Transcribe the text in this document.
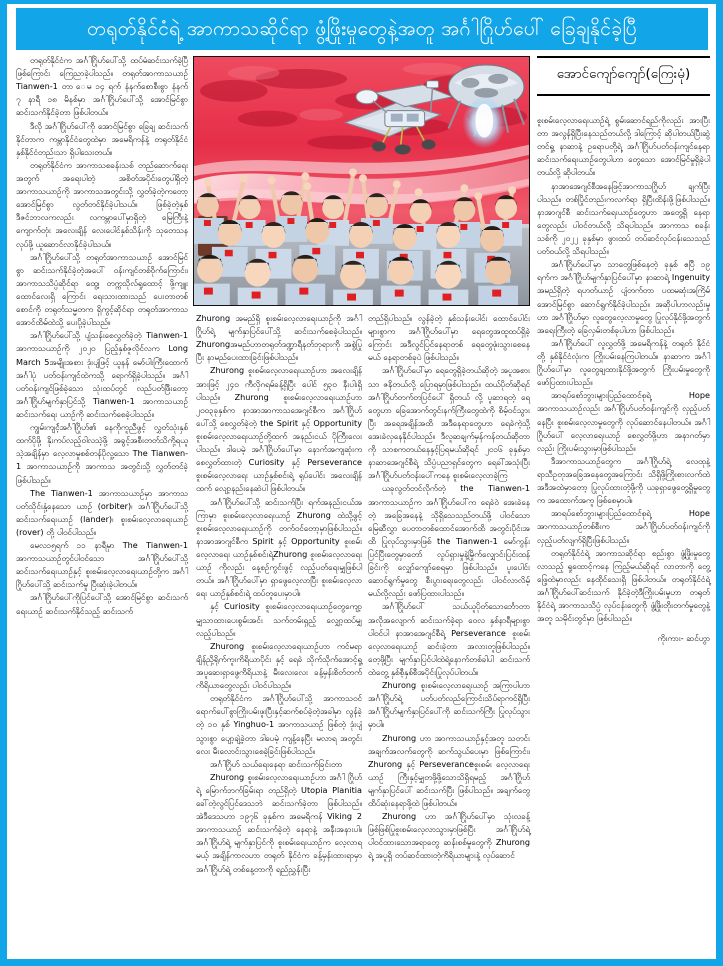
တရုတ်နိုင်ငံရဲ့ အာကာသဆိုင်ရာ ဖွံ့ဖြိုးမှုတွေနဲ့အတူ အင်္ဂါဂြိုဟ်ပေါ် ခြေချနိုင်ခဲ့ပြီ
အောင်ကျော်ကျော်(ကြေးမုံ)

တရုတ်နိုင်ငံက အင်္ဂါဂြိုဟ်ပေါ်သို့ ထပ်မံဆင်းသက်ခဲ့ပြီ ဖြစ်ကြောင်း ကြေညာခဲ့ပါသည်။ တရုတ်အာကာသယာဉ် Tianwen-1 တာ ေမ ၁၄ ရက် နံနက်စောစီးစွာ နံနက် ၇ နာရီ ၁၈ မိနစ်မှာ အင်္ဂါဂြိုဟ်ပေါ်သို့ အောင်မြင်စွာ ဆင်းသက်နိုင်ခဲ့တာ ဖြစ်ပါတယ်။

ဒီလို အင်္ဂါဂြိုဟ်ပေါ်ကို အောင်မြင်စွာ ခြေချ ဆင်းသက်နိုင်တာက ကမ္ဘာနိုင်ငံတွေထဲမှာ အမေရိကန်နဲ့ တရုတ်နိုင်ငံ နှစ်နိုင်ငံတည်းသာ ရှိပါသေးတယ်။

တရုတ်နိုင်ငံက အာကာသစခန်းသစ် တည်ဆောက်ရေးအတွက် အရေးပါတဲ့ အစိတ်အပိုင်းတွေပါရှိတဲ့ အာကာသယာဉ်ကို အာကာသအတွင်းသို့ လွှတ်ခဲ့တဲ့ကတော့ အောင်မြင်စွာ လွတ်တင်နိုင်ခဲ့ပါသယ်။ ဖြစ်ခဲ့တဲ့နှစ် ဒီဇင်ဘာလကလည်း လကမ္ဘာပေါ်မှာရှိတဲ့ မြေကြီးနဲ့ ကျောက်တုံး အလေးချိန် လေးပေါင်နှစ်သိန်းကို သုတေသနလုပ်ဖို့ ယူဆောင်လာနိုင်ခဲ့ပါသယ်။

အင်္ဂါဂြိုဟ်ပေါ်သို့ တရုတ်အာကာသယာဉ် အောင်မြင်စွာ ဆင်းသက်နိုင်ခဲ့တဲ့အပေါ် ဝန်းကျင်တစ်ဝိုက်ကြောင်း၊ အာကာသသိပ္ပံဆိုင်ရာ ထွေ့၊ တက္ကသိုလ်ရှုထောင့် ဖို့ကျူးထောင်လေးရှိ ကြောင်း ရေးသားထားသည် ပေးတာတစ်စောင်ကို တရုတ်သမ္မတက ရှိကွင့်ဆိုင်ရာ တရုတ်အာကာသ အောင်ထိမ်ထဲသို့ ပေးပို့ခဲ့ပါသည်။

အင်္ဂါဂြိုဟ်ပေါ်သို့ ပျံသန်းစေလွှတ်ခဲ့တဲ့ Tianwen-1 အာကာသယာဉ်ကို ၂၀၂၀ ပြည့်နှစ်ဇူလိုင်လက Long March 5အမျိုးအစား ဒုံးပျံဖြင့် ယူနန် မော်ပါးကြီးထောက်အင်္ဂါပုံ ပတ်ဝန်းကျင်ထဲကသို့ ရောက်ရှိခဲ့ပါသည်။ အင်္ဂါပတ်ဝန်းကျင်ဖြစ်ခဲ့သော သုံးထပ်တွင် လည်ပတ်ဖြီးတော့ အင်္ဂါဂြိုဟ်မျက်နှာပြင်သို့ Tianwen-1 အာကာသယာဉ် ဆင်းသက်ရေး ယာဉ်ကို ဆင်းသက်စေခဲ့ပါသည်။

ကျွမ်းကျင်ဲ့အင်္ဂါဂြိုဟ်၏ နေကိုကူညီဖွင့် လွှတ်သုံးနှစ်ထက်ပိုဖို့ နိုးကပ်လည့်ဝါလသဲ့ဖို့ အခွင့်အစီးတတ်သိကို့ရယူသဲ့အချိန်မှာ လေ့လာမှုစစ်တန်ပိုလှု့သော The Tianwen-1 အာကာသယာဉ်ကို အာကာသ အတွင်းသို့ လွှတ်တင်ခဲ့ဖြစ်ပါသည်။

The Tianwen-1 အာကာသယာဉ်မှာ အာကာသ ပတ်သိုင်းနှံ့နေသော ယာဉ် (orbiter)၊ အင်္ဂါဂြိုဟ်ပေါ်သို့ ဆင်းသက်ရေးယာဉ် (lander)၊ စူးစမ်းလေ့လာရေးယာဉ် (rover) တို့ ပါဝင်ပါသည်။

မေလ၁၅ရက် ၁၁ နာရီမှာ The Tianwen-1 အာကာသယာဉ်တွင်ပါဝင်သော အင်္ဂါဂြိုဟ်ပေါ်သို့ ဆင်းသက်ရေးယာဉ်နှင့် စူးစမ်းလေ့လာရေးယာဉ်တို့က အင်္ဂါဂြိုဟ်ပေါ်သို့ ဆင်းသက်မှု ပြီးဆုံးခဲ့ပါတယ်။

အင်္ဂါဂြိုဟ်ပေါ်ကိုပြင်ပေါ်သို့ အောင်မြင်စွာ ဆင်းသက်ရေးယာဉ် ဆင်းသက်နိုင်သည့် ဆင်းသက်

Zhurong အမည်ရှိ စူးစမ်းလေ့လာရေးယာဉ်ကို အင်္ဂါဂြိုဟ်ရဲ့ မျက်နှာပြင်ပေါ်သို့ ဆင်းသက်စေခဲ့ပါသည်။ Zhurongအမည်ဟာတရုတ်ဒဏ္ဍာရီနတ်ဘုရားကို အစွဲပြုပြီး နာမည်ပေးထားခြင်းဖြစ်ပါသည်။

Zhurong စူးစမ်းလေ့လာရေးယာဉ်ဟာ အလေးချိန်အားဖြင့် ၂၄၀ ကီလိုဂရမ်ခန့်ရှိပြီး ပေါင် ၅၃၀ နီးပါးရှိပါသည်။ Zhurong စူးစမ်းလေ့လာရေးယာဉ်ဟာ ၂၀၀၃ခုနှစ်က နာအာအာကာသအေဂျင်စီက အင်္ဂါဂြိုဟ်ပေါ်သို့ စေလွှတ်ခဲ့တဲ့ the Spirit နှင့် Opportunity စူးစမ်းလေ့လာရေးယာဉ်တို့ထက် အနည်းငယ် ပိုကြီးလေးပါသည်။ ဒါပေမဲ့ အင်္ဂါဂြိုဟ်ပေါ်မှာ နောက်အကျဆုံးက စေလွှတ်ထားတဲ့ Curiosity နှင့် Perseverance စူးစမ်းလေ့လာရေး ယာဉ်နှစ်စင်းရဲ့ ရုပ်ပေါင်း အလေးချိန်ထက် လျော့နည်းနေဆဲပါ ဖြစ်ပါတယ်။

အင်္ဂါဂြိုဟ်ပေါ်သို့ ဆင်းသက်ပြီး ရက်အနည်းငယ်အကြာမှာ စူးစမ်းလေ့လာရေးယာဉ် Zhurong ထဲသို့ဖွင့်စူးစမ်းလေ့လာရေးယာဉ်ကို တက်ဝင်တော့မှာဖြစ်ပါသည်။ နာအာအာဂျင်စီက Spirit နှင့် Opportunity စူးစမ်းလေ့လာရေး ယာဉ်နှစ်စင်းရဲ့Zhurong စူးစမ်းလေ့လာရေးယာဉ် ကိုလည်း နေ့စဉ်ကွင်းဖွင့် လည့်ပတ်ရေးမျှဖြစ်ပါတယ်။ အင်္ဂါဂြိုဟ်ပေါ်မှာ ရှာဖွေလေ့လာပြီး စူးစမ်းလေ့လာရေး ယာဉ်နှစ်စင်းရဲ့ ထပ်တူပေးမှာပါ။

နှင့် Curiosity စူးစမ်းလေ့လာရေးယာဉ်တွေကျော့ မျှသာထားပေးစွမ်းအင်း သက်တမ်းရှည့် လျှော့ထပ်မျှလည့်ပါသည်။

Zhurong စူးစမ်းလေ့လာရေးယာဉ်ဟာ ကင်မရာ ချိန်ညှိ့ရိုက်ကူးကိရိယာပိုင်း နှင့် ရေခဲ သိုက်သိုက်အောင့်ရှု့အပူဆေးရှာဖွေကိရိယာနဲ့ မီးလေးလေး ခန့်မှန်းစိတ်တက်ကိရိယာတွေလည်း ပါဝင်ပါသည်။

တရုတ်နိုင်ငံက အင်္ဂါဂြိုဟ်ပေါ်သို့ အာကာသဝင်ရောက်ပေါ်စွာကြိုးပမ်းဖူးပြီးနှင့်ဆက်စပ်ခဲ့တဲ့အခါမှာ လွန်ခဲ့တဲ့ ၁၀ နှစ် Yinghuo-1 အာကာသယာဉ် ဖြစ်တဲ့ ဒုံးပျံသွားစွာ ပျော့ချဲ့ခဲ့တာ ဒါပေမဲ့ ကျန့်နေပြီး မလာရ အတွင်းလေး မီးလောင်းသွားစေခဲ့ခြင်းဖြစ်ပါသည်။

အင်္ဂါဂြိုဟ် သယ်ရေးနေရာ ဆင်းသက်ခြင်းတာ

Zhurong စူးစမ်းလေ့လာရေးယာဉ်ဟာ အင်္ဂါ ဂြိုဟ်ရဲ့ မြောက်ဘက်ခြမ်းရာ တည်ရှိတဲ့ Utopia Planitia ခေါ်တဲ့လွင်ပြင်ဒေသဘဲ ဆင်းသက်ခဲ့တာ ဖြစ်ပါသည်။ အဲဒီဒေသဟာ ၁၉၇၆ ခုနှစ်က အမေရိကန် Viking 2 အာကာသယာဉ် ဆင်းသက်ခဲ့တဲ့ နေရာနဲ့ အနီးအနားပါ။ အင်္ဂါဂြိုဟ်ရဲ့ မျက်နှာပြင်ကို စူးစမ်းရေးယာဉ်က လေ့လာရမယ့် အချိန်ကာလဟာ တရုတ် နိုင်ငံက ခန့်မှန်းထားရာမှာ အင်္ဂါဂြိုဟ်ရဲ့ တစ်နေ့တာကို ရည်ညွှန်းပြီး

တည်ရှိပါသည်။ လွန်ခဲ့တဲ့ နှစ်သန်းပေါင်း ထောင်ပေါင်းများစွာက အင်္ဂါဂြိုဟ်ပေါ်မှာ ရေတွေအထူထပ်ရှိခဲ့ကြောင်း အဒီလွင်ပြင်နေရာတစ် ရေတွေဖုံးသွားစေနေမယ် နေရာတစ်ခုပဲ ဖြစ်ပါသည်။

အင်္ဂါဂြိုဟ်ပေါ်မှာ ရေတွေရှိခဲ့တယ်ဆိုတဲ့ အပူအစားသာ ဇနိတယ်လို့ ပြောရမှာဖြစ်ပါသည်။ ထယ်ပိုတ်ဆိုရင်အင်္ဂါဂြိုဟ်တက်တပြင်ပေါ် ရှိတယ် လို့ ပူဆာရတဲ့ ရေတွေဟာ ခြေအောက်တွင်းနက်ကြီးတွေထဲကို စိမ့်ဝင်သွားပြီး အရေအချိန်အထိ အဒီနေရာတွေဟာ ရေခဲကဲ့သို့ အေးခဲလှနေနိုင်ပါသည်။ ဒီလူဆချက်မှန်ကန်တယ်ဆိုတာကို သာစကတယ်နေနှင့်ပြရမယ်ဆိုရင် ၂၀၁၆ ခုနှစ်မှာ နာဆာအေဂျင်စီရဲ့ သိပ္ပံပညာရှင်တွေက ရေခါ်အသုံးပြီး အင်္ဂါဂြိုဟ်ပတ်ဝန်းပေါ်ကနေ စူးစမ်းလေ့လာခဲ့ကြ

ယခုလွတ်တင်လိုက်တဲ့ the Tianwen-1 အာကာသယာဉ်က အင်္ဂါဂြိုဟ်ပေါ်က ရေခဲဝဲ အေးခဲနေတဲ့ အခြေအနေနဲ့ သိုရှိသေသည်တယ်ဖို့ ပါဝင်သော မြေဆီလွှာ ပေတာတစ်ထောင်အောက်ထိ အတွင်းပိုင်းအ ထိ ပြုလုပ်သွားမှာဖြစ် the Tianwen-1 မော်ကွန်း ပြင်ပြီးတွေမှာတော် လှုပ်ရှားမှုနဲ့မြိုက်လျှောင်းပြင်းထန်ခြင်းကို လျှော်ကျော်စေရမှာ ဖြစ်ပါသည်။ ပူးပေါင်း ဆောင်ရွက်မှုတွေ စီးပွားရေးတွေလည်း ပါဝင်လာလိမ့်မယ်လို့လည်း ဖော်ပြထားပါသည်။

အင်္ဂါဂြိုဟ်ပေါ် သယ်ယူပိုတ်သောင်္ဘောတာ အလိုအလျောက် ဆင်းသက်ခဲ့ရာ ဝေလ နှစ်နာရီများစွာ ပါဝင်ပါ နာအာအေဂျင်စီရဲ့ Perseverance စူးစမ်းလေ့လာရေးယာဉ် ဆင်းခဲ့တာ အလားတူဖြစ်ပါသည်။ တေ့ဖို့ပြီး မျက်နှာပြင်ပါထဲရဲ့နောက်တစ်ခါပါ ဆင်းသက် ထဲတွေ့ နှစ်စီ့နှစ်စီအပိုင်းပြုလုပ်ပါတယ်။

Zhurong စူးစမ်းလေ့လာရေးယာဉ် အကြာပါဟာ အင်္ဂါဂြိုဟ်ရဲ့ ပတ်ပတ်လည်ကြောင်းသိပ်ရာကင်ရှိပြီး အင်္ဂါဂြိုဟ်မျက်နှာပြင်ပေါ်ကို ဆင်းသက်ကြီး ပြုလုပ်သွားမှာပါ။

Zhurong ဟာ အာကာသယာဉ်နှင့်အတူ သတင်းအချက်အလက်တွေကို ဆက်သွယ်ပေးမှာ ဖြစ်ကြောင်း၊ Zhurong နှင့် Perseveranceစူးစမ်း လေ့လာရေးယာဉ် ကြီးနှင့်မျှတဖို့ဖို့သောသိရှိရမည့် အင်္ဂါဂြိုဟ်မျက်နှာပြင်ပေါ် ဆင်းသက်ပြီး ဖြစ်ပါသည်။ အချက်တွေ ထိပ်ဆုံးနေရာဖို့ထဲ ဖြစ်ပါတယ်။

Zhurong ဟာ အင်္ဂါဂြိုဟ်ပေါ်မှာ သုံးလခန့်ဖြစ်ဖြစ်ပြုစူးစမ်းလေ့လာသွားမှာဖြစ်ပြီး အင်္ဂါဂြိုဟ်ရဲ့ ပါဝင်ထားသောအရာတွေ ဆန်းစစ်မှုတွေကို Zhurong ရဲ့ အပူရှိ တပ်ဆင်ထားတဲ့ကိရိယာများနဲ့ လုပ်ဆောင်

စူးစမ်းလေ့လာရေးယာဉ်ရဲ့ စွမ်းဆောင်ရည်ကိုလည်း အားပြီးတာ အလွန်ရှိပြီးနေသည်တယ်လို့ ဒါကြောင့် ဆိုပါတယ်ပြီးဆွဲတင်ရှု့ နာဆာနဲ့ ဥရောပတို့ရဲ့ အင်္ဂါဂြိုဟ်ပတ်ဝန်းကျင်နေရာ ဆင်းသက်ရေးယာဉ်တွေပါဟာ တွေသော အောင်မြင်မှုရှိခဲ့ပါတယ်လို့ ဆိုပါတယ်။

နာအာအေဂျင်စီအနေဖြင့်အာကာသဂြိုဟ် ချက်ပြီးပါသည်။ တစ်ပြိုင်တည်းကလက်ရာ ရှိပြီးထိန်းဖို့ဖြစ်ပါသည်။ နာအာဂျင်စီ ဆင်းသက်ရေးယာဉ်တွေဟာ အတွေ့ရှိ နေရာတွေလည်း ပါဝင်တယ်လို့ သိရပါသည်။ အာကာသ စခန်းသစ်ကို ၂၀၂၂ ခုနှစ်မှာ ဖွားထပ် တပ်ဆင်လုပ်ငန်းသေသည်ပတ်ဝယ်လို့ သိရပါသည်။

အင်္ဂါဂြိုဟ်ပေါ်မှာ သာတွေဖြစ်နေတဲ့ ခုနှစ် ဧပြီ ၁၉ ရက်က အင်္ဂါဂြိုဟ်မျက်နှာပြင်ပေါ်မှာ နာဆာရဲ့ Ingenuity အမည်ရှိတဲ့ ရဟတ်ယာဉ် ပျံတက်တာ ပထမဆုံးအကြိမ် အောင်မြင်စွာ ဆောင်ရွက်နိုင်ခဲ့ပါသည်။ အဆိုပါဟာလည်းမှုဟာ အင်္ဂါဂြိုဟ်မှာ လူတွေလေ့လာမှုတွေ ပြုလုပ်နိုင်ဖို့အတွက် အရေးကြီးတဲ့ ခြေလှမ်းတစ်ခုပါဟာ ဖြစ်ပါသည်။

အင်္ဂါဂြိုဟ်ပေါ် လူလွှတ်ဖို့ အမေရိကန်နဲ့ တရုတ် နိုင်ငံတို့ နှစ်နိုင်ငံလုံးက ကြိုးပမ်းနေကြပါတယ်။ နာဆာက အင်္ဂါဂြိုဟ်ပေါ်မှာ လူတွေချထားနိုင်ဖို့အတွက် ကြိုးပမ်းမှုတွေကို ဖော်ပြထားပါသည်။

အာရပ်စော်ဘွားများပြည်ထောင်စုရဲ့ Hope အာကာသယာဉ်လည်း အင်္ဂါဂြိုဟ်ပတ်ဝန်းကျင်ကို လှည့်ပတ်နေပြီး စူးစမ်းလေ့လာမှုတွေကို လုပ်ဆောင်နေပါတယ်။ အင်္ဂါဂြိုဟ်ပေါ် လေ့လာရေးယာဉ် စေလွှတ်ဖို့ဟာ အနာဂတ်မှာလည်း ကြိုးပမ်းသွားမှာဖြစ်ပါသည်။

ဒီအာကာသယာဉ်တွေက အင်္ဂါဂြိုဟ်ရဲ့ လေထုနဲ့ ရာသီဥတုအခြေအနေတွေအကြောင်း သိရှိဖို့ကြိုးစားလက်ထဲ အဒီအထဲမှာတော့ ပြုလုပ်ထားတဲ့ဖို့ကို ယခုရှာဖွေတွေ့ရှိမှုတွေက အထောက်အကူ ဖြစ်စေမှာပါ။

အာရပ်စော်ဘွားများပြည်ထောင်စုရဲ့ Hope အာကာသယာဉ်တစ်စီးက အင်္ဂါဂြိုဟ်ပတ်ဝန်းကျင်ကို လှည့်ပတ်လျက်ရှိပြီးဖြစ်ပါသည်။

တရုတ်နိုင်ငံရဲ့ အာကာသဆိုင်ရာ စည်းစွာ ဖွံ့ဖြိုးမှုတွေလာသည့် ရှုထောင့်ကနေ ကြည့်မယ်ဆိုရင် လာတာကို တွေ့ဖြေ့ထဲမှာလည်း နေထိုင်သေးရှိ ဖြစ်ပါတယ်။ တရုတ်နိုင်ငံရဲ့ အင်္ဂါဂြိုဟ်ပေါ်ဆင်းသက် နိုင်ခဲ့တဲ့ဒီကြိုးပမ်းမှုဟာ တရုတ်နိုင်ငံရဲ့ အာကာသသိပ္ပံ လုပ်ငန်းတွေကို ဖွံ့ဖြိုးတိုးတက်မှုတွေနဲ့အတူ သမိုင်းတွင်မှာ ဖြစ်ပါသည်။

ကိုးကား- ဆင်ဟွာ
